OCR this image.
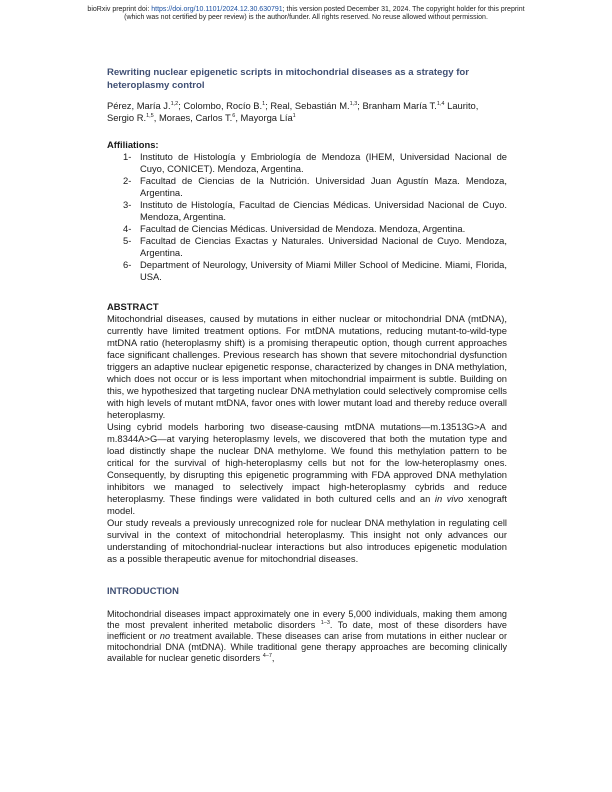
bioRxiv preprint doi: https://doi.org/10.1101/2024.12.30.630791; this version posted December 31, 2024. The copyright holder for this preprint
(which was not certified by peer review) is the author/funder. All rights reserved. No reuse allowed without permission.
Rewriting nuclear epigenetic scripts in mitochondrial diseases as a strategy for heteroplasmy control
Pérez, María J.$^{1,2}$; Colombo, Rocío B.$^1$; Real, Sebastián M.$^{1,3}$; Branham María T.$^{1,4}$ Laurito, Sergio R.$^{1,5}$, Moraes, Carlos T.$^6$, Mayorga Lía$^1$
Affiliations:
1- Instituto de Histología y Embriología de Mendoza (IHEM, Universidad Nacional de Cuyo, CONICET). Mendoza, Argentina.
2- Facultad de Ciencias de la Nutrición. Universidad Juan Agustín Maza. Mendoza, Argentina.
3- Instituto de Histología, Facultad de Ciencias Médicas. Universidad Nacional de Cuyo. Mendoza, Argentina.
4- Facultad de Ciencias Médicas. Universidad de Mendoza. Mendoza, Argentina.
5- Facultad de Ciencias Exactas y Naturales. Universidad Nacional de Cuyo. Mendoza, Argentina.
6- Department of Neurology, University of Miami Miller School of Medicine. Miami, Florida, USA.
ABSTRACT

Mitochondrial diseases, caused by mutations in either nuclear or mitochondrial DNA (mtDNA), currently have limited treatment options. For mtDNA mutations, reducing mutant-to-wild-type mtDNA ratio (heteroplasmy shift) is a promising therapeutic option, though current approaches face significant challenges. Previous research has shown that severe mitochondrial dysfunction triggers an adaptive nuclear epigenetic response, characterized by changes in DNA methylation, which does not occur or is less important when mitochondrial impairment is subtle. Building on this, we hypothesized that targeting nuclear DNA methylation could selectively compromise cells with high levels of mutant mtDNA, favor ones with lower mutant load and thereby reduce overall heteroplasmy.

Using cybrid models harboring two disease-causing mtDNA mutations—m.13513G>A and m.8344A>G—at varying heteroplasmy levels, we discovered that both the mutation type and load distinctly shape the nuclear DNA methylome. We found this methylation pattern to be critical for the survival of high-heteroplasmy cells but not for the low-heteroplasmy ones. Consequently, by disrupting this epigenetic programming with FDA approved DNA methylation inhibitors we managed to selectively impact high-heteroplasmy cybrids and reduce heteroplasmy. These findings were validated in both cultured cells and an in vivo xenograft model.

Our study reveals a previously unrecognized role for nuclear DNA methylation in regulating cell survival in the context of mitochondrial heteroplasmy. This insight not only advances our understanding of mitochondrial-nuclear interactions but also introduces epigenetic modulation as a possible therapeutic avenue for mitochondrial diseases.

INTRODUCTION

Mitochondrial diseases impact approximately one in every 5,000 individuals, making them among the most prevalent inherited metabolic disorders $^{1-3}$. To date, most of these disorders have inefficient or no treatment available. These diseases can arise from mutations in either nuclear or mitochondrial DNA (mtDNA). While traditional gene therapy approaches are becoming clinically available for nuclear genetic disorders $^{4-7}$,
